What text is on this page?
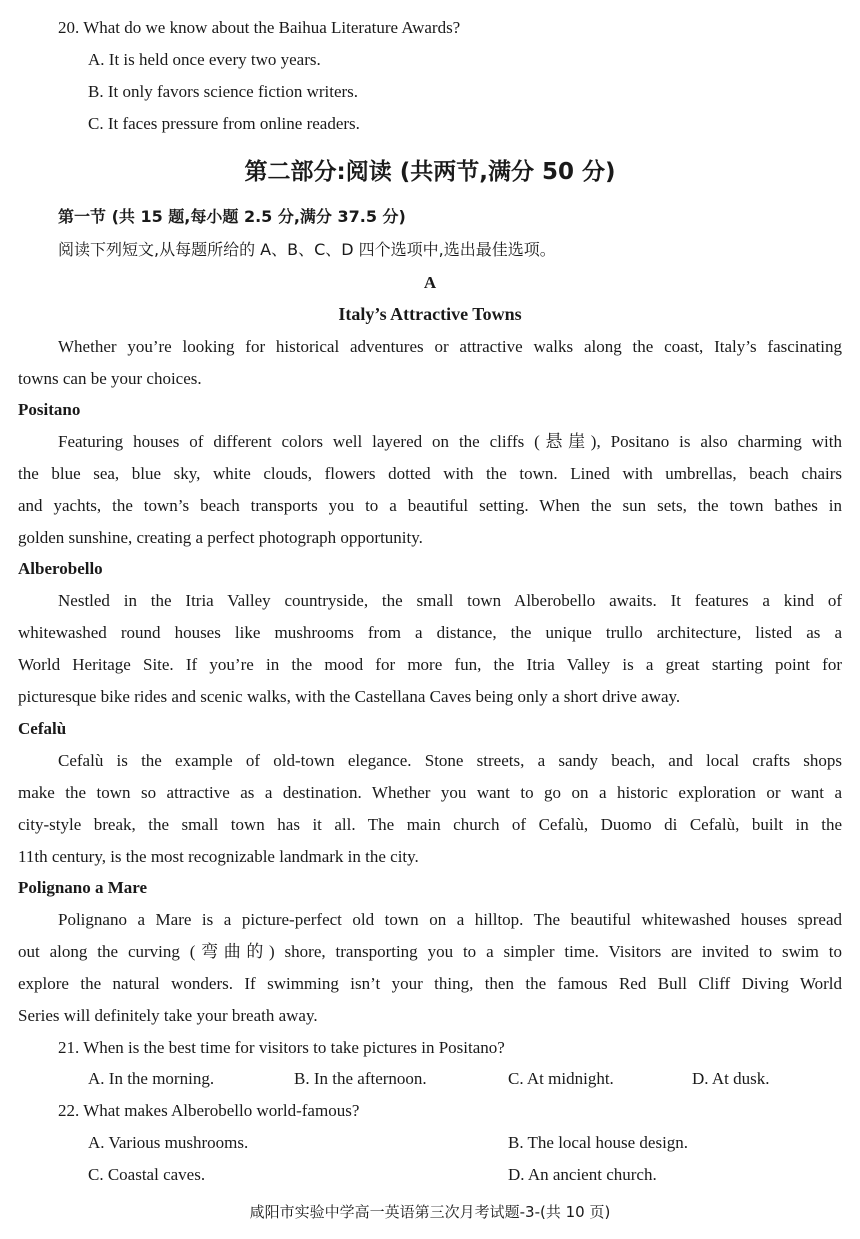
20. What do we know about the Baihua Literature Awards?
A. It is held once every two years.
B. It only favors science fiction writers.
C. It faces pressure from online readers.
第二部分:阅读 (共两节,满分 50 分)
第一节 (共 15 题,每小题 2.5 分,满分 37.5 分)
阅读下列短文,从每题所给的 A、B、C、D 四个选项中,选出最佳选项。
A
Italy’s Attractive Towns
Whether you’re looking for historical adventures or attractive walks along the coast, Italy’s fascinating
towns can be your choices.
Positano
Featuring houses of different colors well layered on the cliffs (悬崖), Positano is also charming with
the blue sea, blue sky, white clouds, flowers dotted with the town. Lined with umbrellas, beach chairs
and yachts, the town’s beach transports you to a beautiful setting. When the sun sets, the town bathes in
golden sunshine, creating a perfect photograph opportunity.
Alberobello
Nestled in the Itria Valley countryside, the small town Alberobello awaits. It features a kind of
whitewashed round houses like mushrooms from a distance, the unique trullo architecture, listed as a
World Heritage Site. If you’re in the mood for more fun, the Itria Valley is a great starting point for
picturesque bike rides and scenic walks, with the Castellana Caves being only a short drive away.
Cefalù
Cefalù is the example of old-town elegance. Stone streets, a sandy beach, and local crafts shops
make the town so attractive as a destination. Whether you want to go on a historic exploration or want a
city-style break, the small town has it all. The main church of Cefalù, Duomo di Cefalù, built in the
11th century, is the most recognizable landmark in the city.
Polignano a Mare
Polignano a Mare is a picture-perfect old town on a hilltop. The beautiful whitewashed houses spread
out along the curving (弯曲的) shore, transporting you to a simpler time. Visitors are invited to swim to
explore the natural wonders. If swimming isn’t your thing, then the famous Red Bull Cliff Diving World
Series will definitely take your breath away.
21. When is the best time for visitors to take pictures in Positano?
A. In the morning.	B. In the afternoon.	C. At midnight.	D. At dusk.
22. What makes Alberobello world-famous?
A. Various mushrooms.	B. The local house design.
C. Coastal caves.	D. An ancient church.
咸阳市实验中学高一英语第三次月考试题-3-(共 10 页)
